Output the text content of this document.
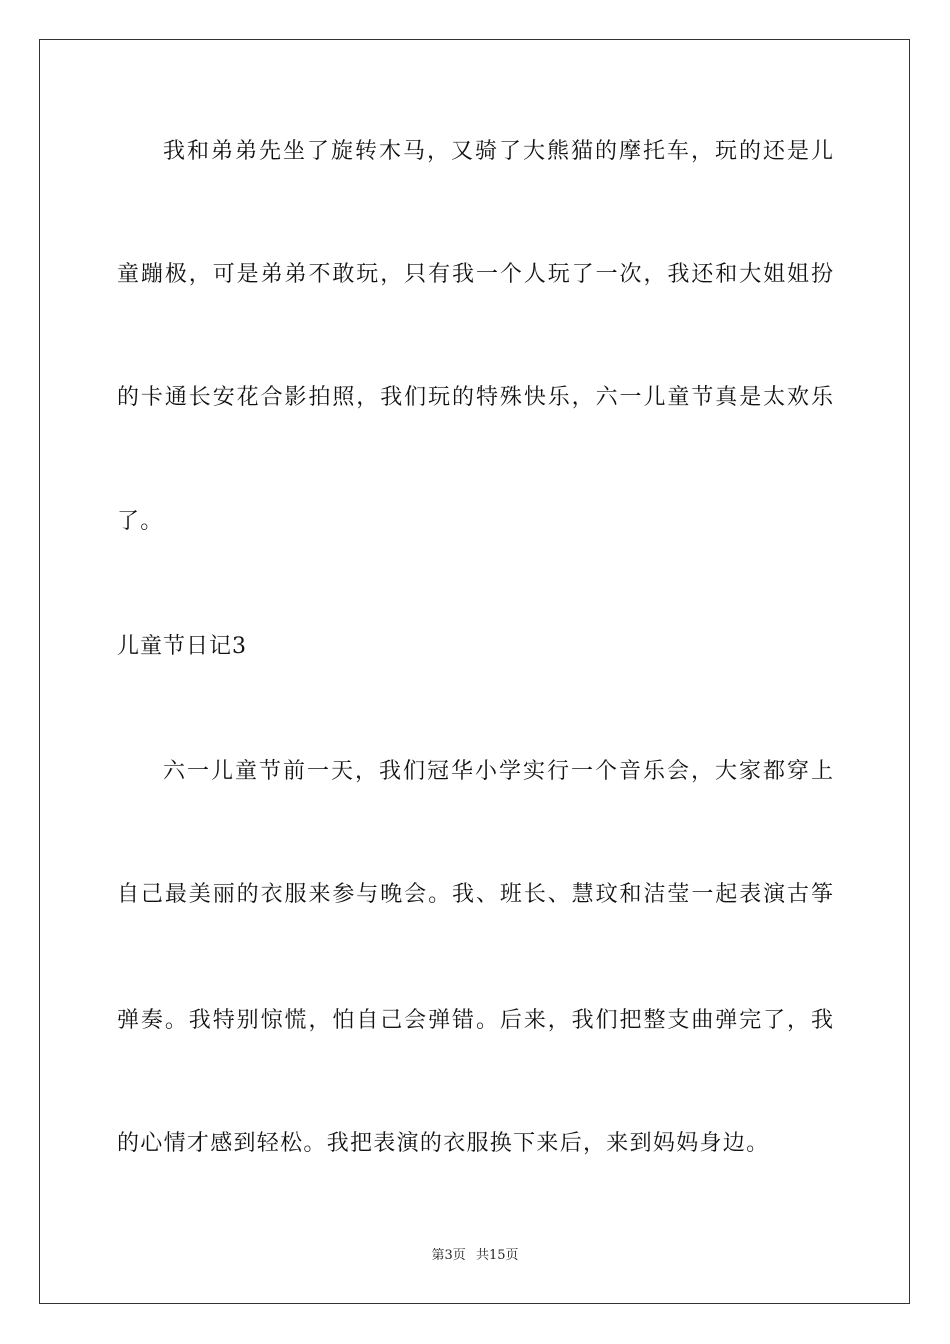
我和弟弟先坐了旋转木马，又骑了大熊猫的摩托车，玩的还是儿
童蹦极，可是弟弟不敢玩，只有我一个人玩了一次，我还和大姐姐扮
的卡通长安花合影拍照，我们玩的特殊快乐，六一儿童节真是太欢乐
了。
儿童节日记3
六一儿童节前一天，我们冠华小学实行一个音乐会，大家都穿上
自己最美丽的衣服来参与晚会。我、班长、慧玟和洁莹一起表演古筝
弹奏。我特别惊慌，怕自己会弹错。后来，我们把整支曲弹完了，我
的心情才感到轻松。我把表演的衣服换下来后，来到妈妈身边。
第3页 共15页
